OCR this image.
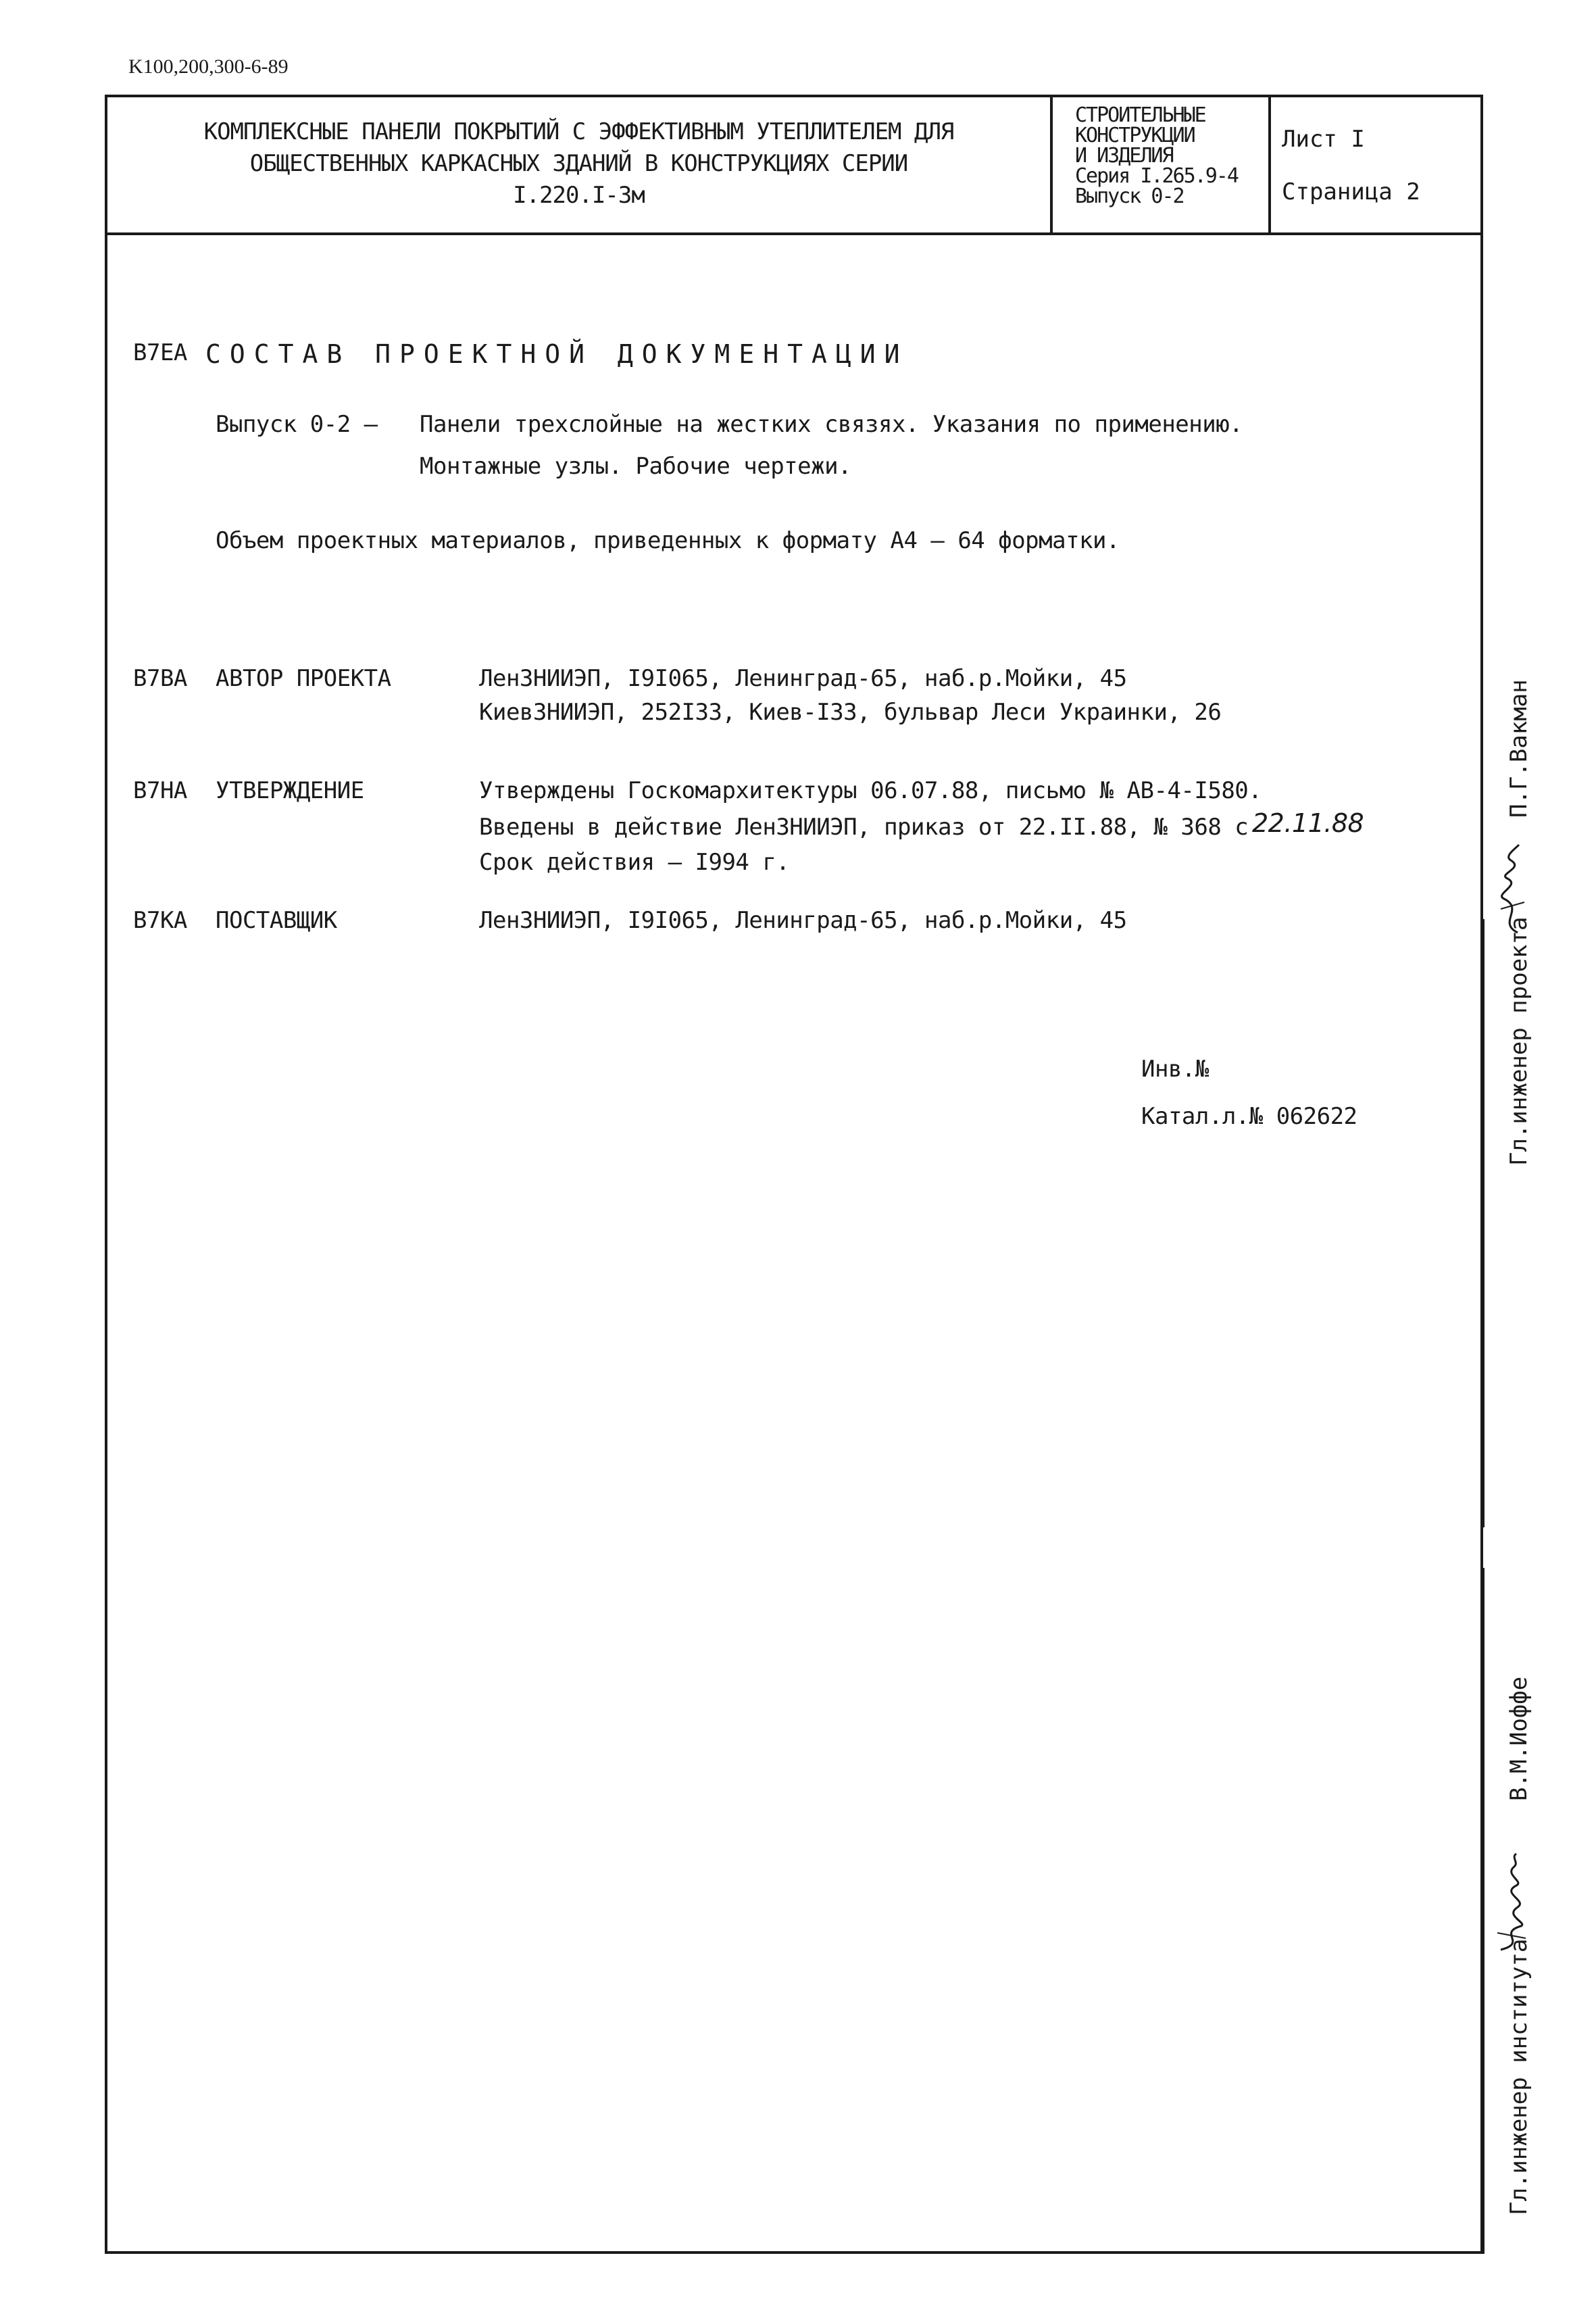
K100,200,300-6-89
КОМПЛЕКСНЫЕ ПАНЕЛИ ПОКРЫТИЙ С ЭФФЕКТИВНЫМ УТЕПЛИТЕЛЕМ ДЛЯ
ОБЩЕСТВЕННЫХ КАРКАСНЫХ ЗДАНИЙ В КОНСТРУКЦИЯХ СЕРИИ
I.220.I-3м
СТРОИТЕЛЬНЫЕ
КОНСТРУКЦИИ
И ИЗДЕЛИЯ
Серия I.265.9-4
Выпуск 0-2
Лист I
Страница 2
В7ЕА СОСТАВ ПРОЕКТНОЙ ДОКУМЕНТАЦИИ
Выпуск 0-2 – Панели трехслойные на жестких связях. Указания по применению.
Монтажные узлы. Рабочие чертежи.
Объем проектных материалов, приведенных к формату А4 – 64 форматки.
В7ВА АВТОР ПРОЕКТА	ЛенЗНИИЭП, I9I065, Ленинград-65, наб.р.Мойки, 45
КиевЗНИИЭП, 252I33, Киев-I33, бульвар Леси Украинки, 26
В7НА УТВЕРЖДЕНИЕ	Утверждены Госкомархитектуры 06.07.88, письмо № АВ-4-I580.
Введены в действие ЛенЗНИИЭП, приказ от 22.II.88, № 368 с 22.11.88
Срок действия – I994 г.
В7КА ПОСТАВЩИК	ЛенЗНИИЭП, I9I065, Ленинград-65, наб.р.Мойки, 45
Инв.№
Катал.л.№ 062622	Гл.инженер проекта
П.Г.Вакман
Гл.инженер института
В.М.Иоффе
